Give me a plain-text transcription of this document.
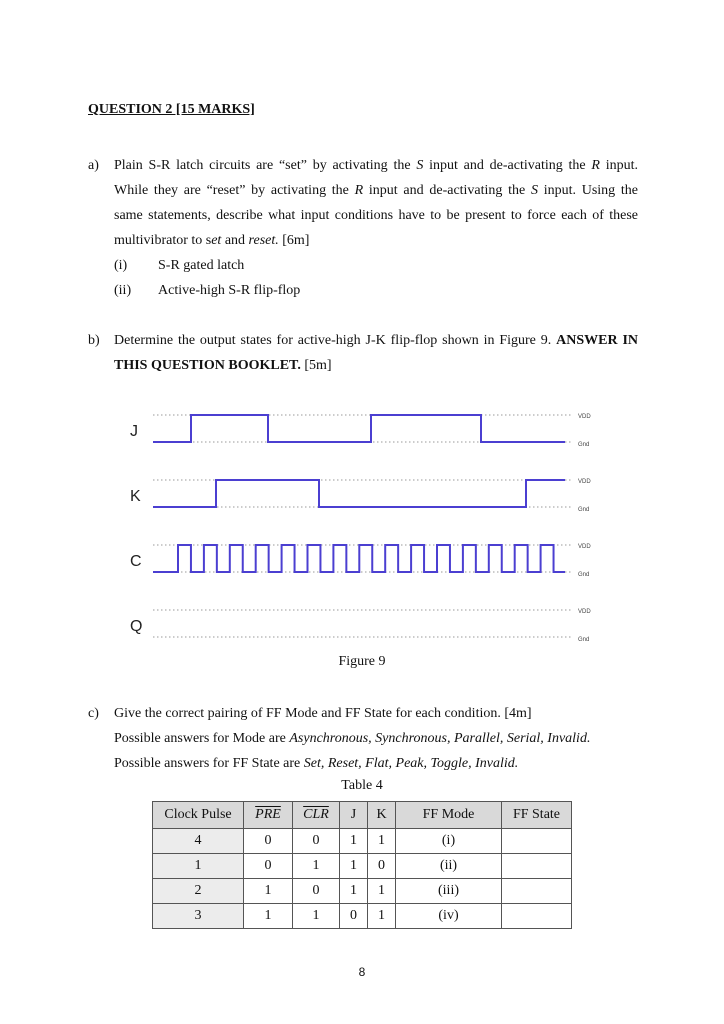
QUESTION 2 [15 MARKS]
a) Plain S-R latch circuits are “set” by activating the S input and de-activating the R input.
While they are “reset” by activating the R input and de-activating the S input. Using the
same statements, describe what input conditions have to be present to force each of these
multivibrator to set and reset. [6m]
(i) S-R gated latch
(ii) Active-high S-R flip-flop
b) Determine the output states for active-high J-K flip-flop shown in Figure 9. ANSWER IN
THIS QUESTION BOOKLET. [5m]
J
VDD
Gnd
K
VDD
Gnd
C
VDD
Gnd
Q
VDD
Gnd
Figure 9
c) Give the correct pairing of FF Mode and FF State for each condition. [4m]
Possible answers for Mode are Asynchronous, Synchronous, Parallel, Serial, Invalid.
Possible answers for FF State are Set, Reset, Flat, Peak, Toggle, Invalid.
Table 4
Clock Pulse	$\overline{PRE}$	$\overline{CLR}$	J	K	FF Mode	FF State
4	0	0	1	1	(i)	
1	0	1	1	0	(ii)	
2	1	0	1	1	(iii)	
3	1	1	0	1	(iv)	
8
